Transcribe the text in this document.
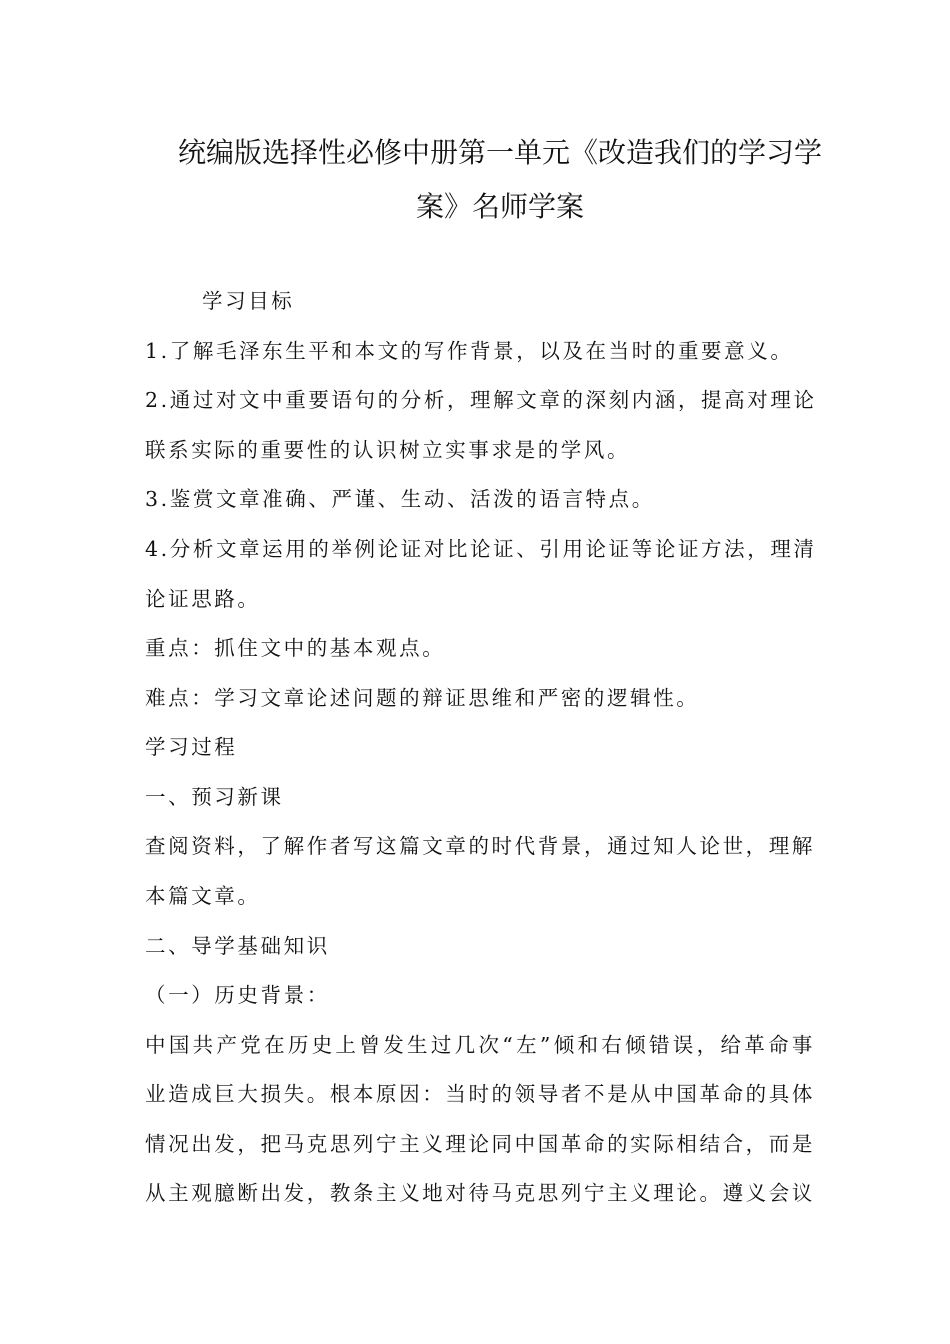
统编版选择性必修中册第一单元《改造我们的学习学
案》名师学案
学习目标
1.了解毛泽东生平和本文的写作背景，以及在当时的重要意义。
2.通过对文中重要语句的分析，理解文章的深刻内涵，提高对理论
联系实际的重要性的认识树立实事求是的学风。
3.鉴赏文章准确、严谨、生动、活泼的语言特点。
4.分析文章运用的举例论证对比论证、引用论证等论证方法，理清
论证思路。
重点：抓住文中的基本观点。
难点：学习文章论述问题的辩证思维和严密的逻辑性。
学习过程
一、预习新课
查阅资料，了解作者写这篇文章的时代背景，通过知人论世，理解
本篇文章。
二、导学基础知识
（一）历史背景：
中国共产党在历史上曾发生过几次“左”倾和右倾错误，给革命事
业造成巨大损失。根本原因：当时的领导者不是从中国革命的具体
情况出发，把马克思列宁主义理论同中国革命的实际相结合，而是
从主观臆断出发，教条主义地对待马克思列宁主义理论。遵义会议
